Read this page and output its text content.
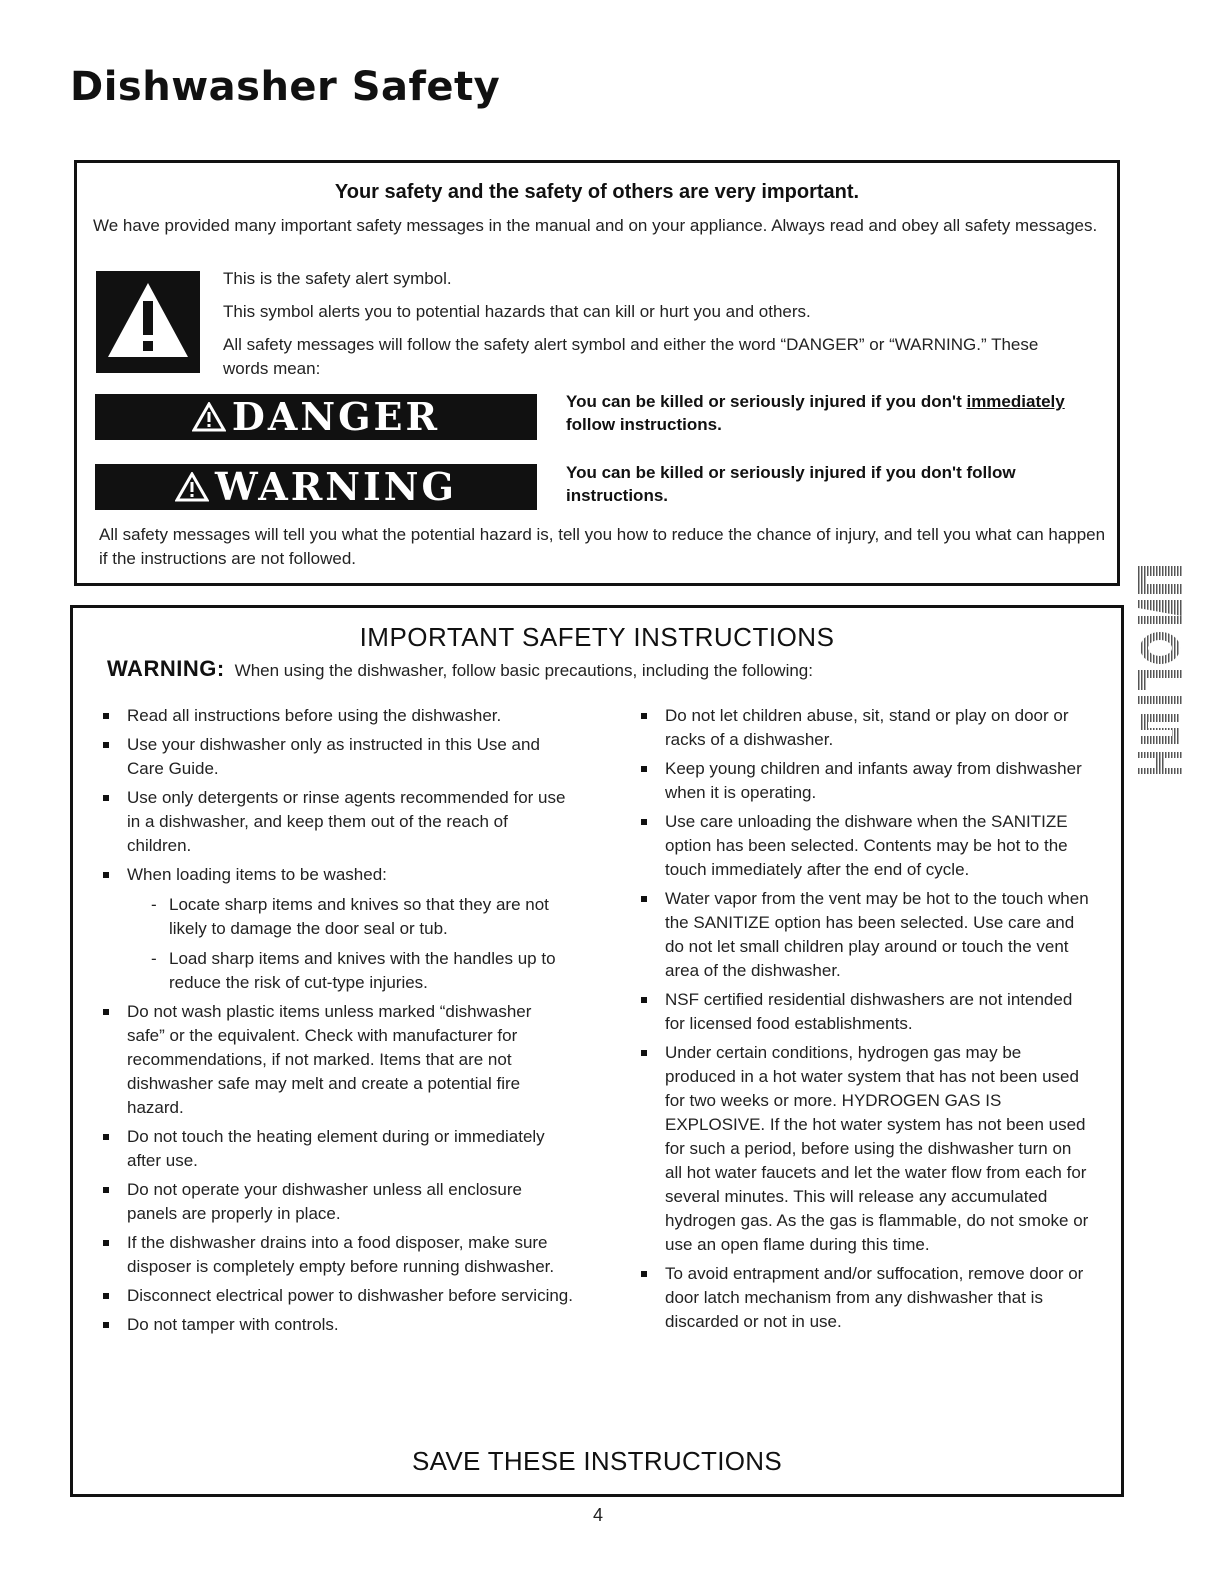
Dishwasher Safety
Your safety and the safety of others are very important.
We have provided many important safety messages in the manual and on your appliance. Always read and obey all safety messages.

This is the safety alert symbol.

This symbol alerts you to potential hazards that can kill or hurt you and others.

All safety messages will follow the safety alert symbol and either the word “DANGER” or “WARNING.” These words mean:

DANGER	You can be killed or seriously injured if you don't immediately follow instructions.
WARNING	You can be killed or seriously injured if you don't follow instructions.
All safety messages will tell you what the potential hazard is, tell you how to reduce the chance of injury, and tell you what can happen if the instructions are not followed.
IMPORTANT SAFETY INSTRUCTIONS
WARNING: When using the dishwasher, follow basic precautions, including the following:
Read all instructions before using the dishwasher.
Use your dishwasher only as instructed in this Use and Care Guide.
Use only detergents or rinse agents recommended for use in a dishwasher, and keep them out of the reach of children.
When loading items to be washed:
- Locate sharp items and knives so that they are not likely to damage the door seal or tub.
- Load sharp items and knives with the handles up to reduce the risk of cut-type injuries.
Do not wash plastic items unless marked “dishwasher safe” or the equivalent. Check with manufacturer for recommendations, if not marked. Items that are not dishwasher safe may melt and create a potential fire hazard.
Do not touch the heating element during or immediately after use.
Do not operate your dishwasher unless all enclosure panels are properly in place.
If the dishwasher drains into a food disposer, make sure disposer is completely empty before running dishwasher.
Disconnect electrical power to dishwasher before servicing.
Do not tamper with controls.
Do not let children abuse, sit, stand or play on door or racks of a dishwasher.
Keep young children and infants away from dishwasher when it is operating.
Use care unloading the dishware when the SANITIZE option has been selected. Contents may be hot to the touch immediately after the end of cycle.
Water vapor from the vent may be hot to the touch when the SANITIZE option has been selected. Use care and do not let small children play around or touch the vent area of the dishwasher.
NSF certified residential dishwashers are not intended for licensed food establishments.
Under certain conditions, hydrogen gas may be produced in a hot water system that has not been used for two weeks or more. HYDROGEN GAS IS EXPLOSIVE. If the hot water system has not been used for such a period, before using the dishwasher turn on all hot water faucets and let the water flow from each for several minutes. This will release any accumulated hydrogen gas. As the gas is flammable, do not smoke or use an open flame during this time.
To avoid entrapment and/or suffocation, remove door or door latch mechanism from any dishwasher that is discarded or not in use.
SAVE THESE INSTRUCTIONS
4
